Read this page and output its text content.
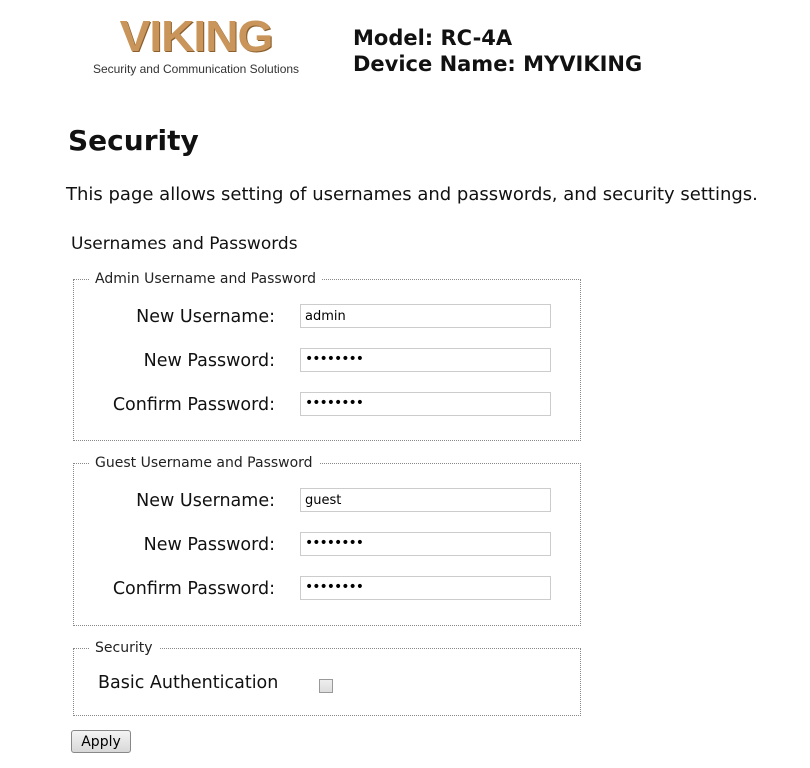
VIKING
Security and Communication Solutions
Model: RC-4A
Device Name: MYVIKING
Security
This page allows setting of usernames and passwords, and security settings.
Usernames and Passwords
Admin Username and Password
New Username:
admin
New Password:	••••••••
Confirm Password:	••••••••
Guest Username and Password
New Username:
guest
New Password:	••••••••
Confirm Password:	••••••••
Security
Basic Authentication
Apply
